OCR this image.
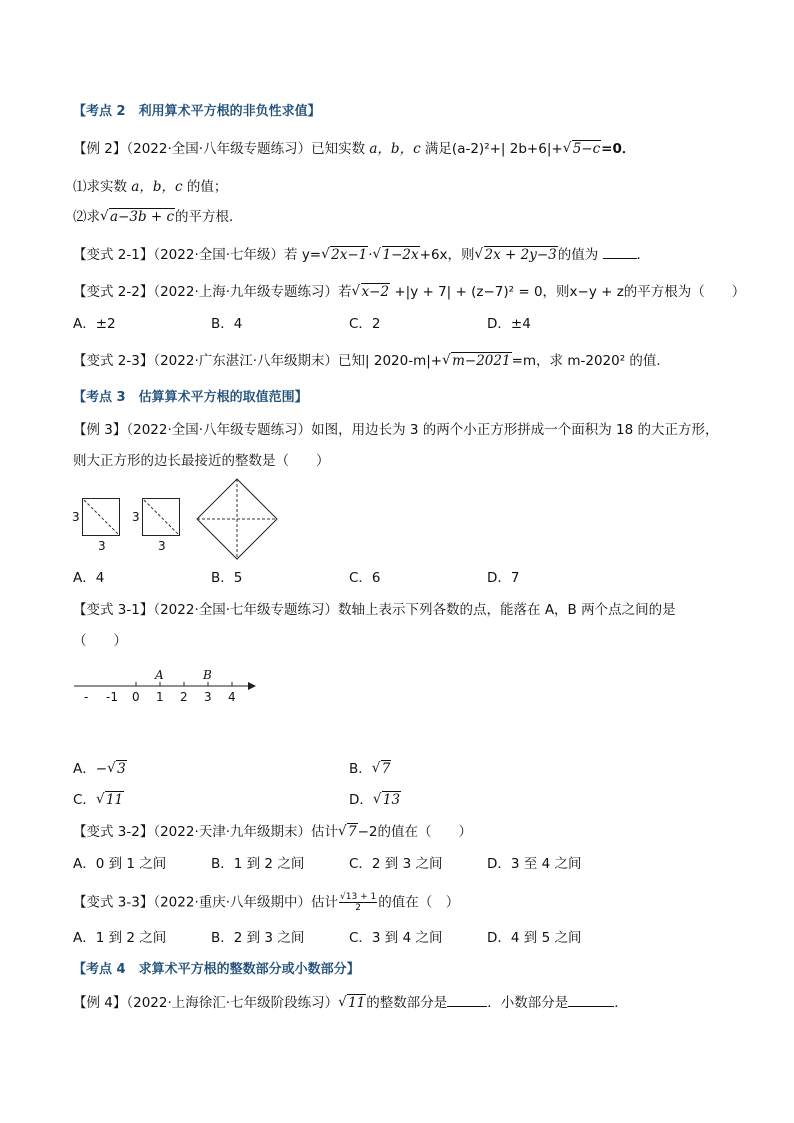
【考点 2　利用算术平方根的非负性求值】
【例 2】（2022·全国·八年级专题练习）已知实数 a，b，c 满足(a-2)²+| 2b+6|+ √ 5−c=0．
⑴求实数 a，b，c 的值；
⑵求 √ a−3b + c的平方根．
【变式 2-1】（2022·全国·七年级）若 y= √ 2x−1· √ 1−2x+6x，则 √ 2x + 2y−3的值为	．
【变式 2-2】（2022·上海·九年级专题练习）若 √ x−2 +|y + 7| + (z−7)² = 0，则x−y + z的平方根为（　　）
A．±2	B．4	C．2	D．±4
【变式 2-3】（2022·广东湛江·八年级期末）已知| 2020-m|+ √ m−2021=m，求 m-2020² 的值．
【考点 3　估算算术平方根的取值范围】
【例 3】（2022·全国·八年级专题练习）如图，用边长为 3 的两个小正方形拼成一个面积为 18 的大正方形，
则大正方形的边长最接近的整数是（　　）
3
3
3
3
A．4	B．5	C．6	D．7
【变式 3-1】（2022·全国·七年级专题练习）数轴上表示下列各数的点，能落在 A，B 两个点之间的是
（　　）
A	B
- -1 0 1 2 3 4
A．− √ 3	B． √ 7
C． √ 11	D． √ 13
【变式 3-2】（2022·天津·九年级期末）估计 √ 7−2的值在（　　）
A．0 到 1 之间	B．1 到 2 之间	C．2 到 3 之间	D．3 至 4 之间
【变式 3-3】（2022·重庆·八年级期中）估计 $\frac{√13 + 1}{2}$ 的值在（　）
A．1 到 2 之间	B．2 到 3 之间	C．3 到 4 之间	D．4 到 5 之间
【考点 4　求算术平方根的整数部分或小数部分】
【例 4】（2022·上海徐汇·七年级阶段练习） √ 11的整数部分是	．小数部分是	．
